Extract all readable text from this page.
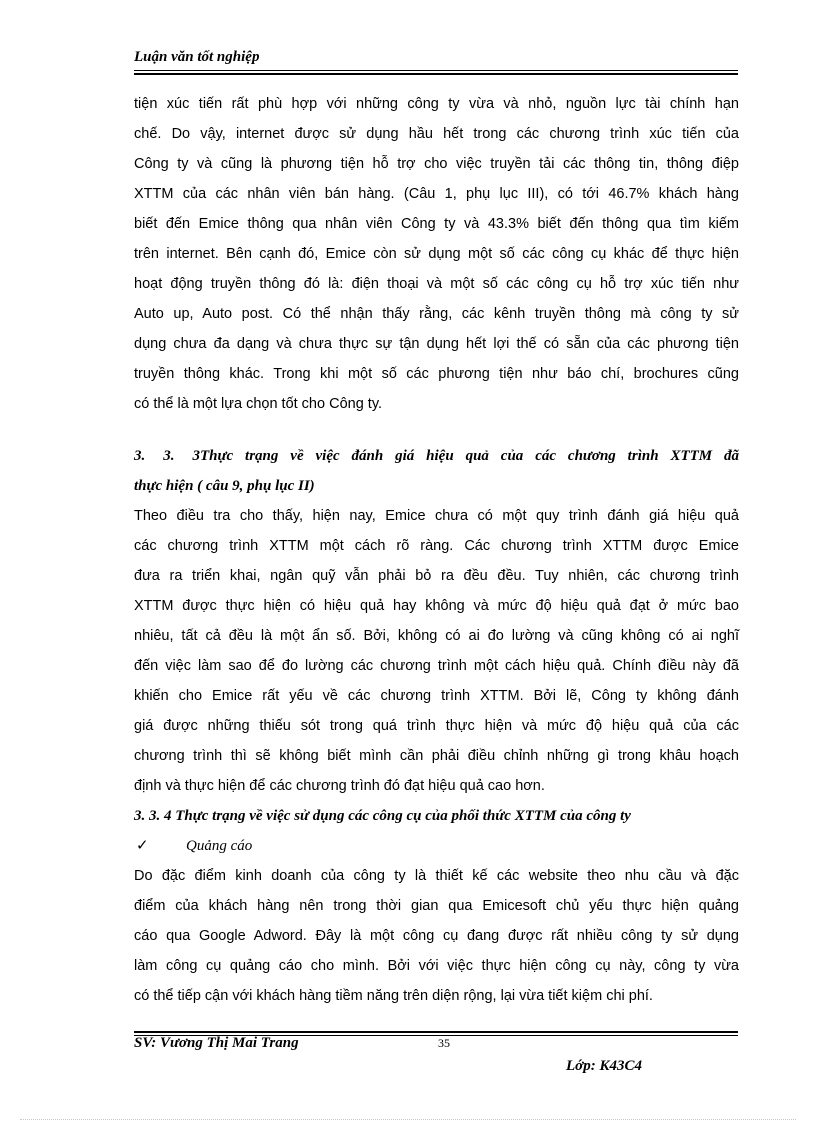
Luận văn tốt nghiệp
tiện xúc tiến rất phù hợp với những công ty vừa và nhỏ, nguồn lực tài chính hạn
chế. Do vậy, internet được sử dụng hầu hết trong các chương trình xúc tiến của
Công ty và cũng là phương tiện hỗ trợ cho việc truyền tải các thông tin, thông điệp
XTTM của các nhân viên bán hàng. (Câu 1, phụ lục III), có tới 46.7% khách hàng
biết đến Emice thông qua nhân viên Công ty và 43.3% biết đến thông qua tìm kiếm
trên internet. Bên cạnh đó, Emice còn sử dụng một số các công cụ khác để thực hiện
hoạt động truyền thông đó là: điện thoại và một số các công cụ hỗ trợ xúc tiến như
Auto up, Auto post. Có thể nhận thấy rằng, các kênh truyền thông mà công ty sử
dụng chưa đa dạng và chưa thực sự tận dụng hết lợi thế có sẵn của các phương tiện
truyền thông khác. Trong khi một số các phương tiện như báo chí, brochures cũng
có thể là một lựa chọn tốt cho Công ty.
3. 3. 3Thực trạng về việc đánh giá hiệu quả của các chương trình XTTM đã
thực hiện ( câu 9, phụ lục II)
Theo điều tra cho thấy, hiện nay, Emice chưa có một quy trình đánh giá hiệu quả
các chương trình XTTM một cách rõ ràng. Các chương trình XTTM được Emice
đưa ra triển khai, ngân quỹ vẫn phải bỏ ra đều đều. Tuy nhiên, các chương trình
XTTM được thực hiện có hiệu quả hay không và mức độ hiệu quả đạt ở mức bao
nhiêu, tất cả đều là một ẩn số. Bởi, không có ai đo lường và cũng không có ai nghĩ
đến việc làm sao để đo lường các chương trình một cách hiệu quả. Chính điều này đã
khiến cho Emice rất yếu về các chương trình XTTM. Bởi lẽ, Công ty không đánh
giá được những thiếu sót trong quá trình thực hiện và mức độ hiệu quả của các
chương trình thì sẽ không biết mình cần phải điều chỉnh những gì trong khâu hoạch
định và thực hiện để các chương trình đó đạt hiệu quả cao hơn.
3. 3. 4 Thực trạng về việc sử dụng các công cụ của phối thức XTTM của công ty
✓ Quảng cáo
Do đặc điểm kinh doanh của công ty là thiết kế các website theo nhu cầu và đặc
điểm của khách hàng nên trong thời gian qua Emicesoft chủ yếu thực hiện quảng
cáo qua Google Adword. Đây là một công cụ đang được rất nhiều công ty sử dụng
làm công cụ quảng cáo cho mình. Bởi với việc thực hiện công cụ này, công ty vừa
có thể tiếp cận với khách hàng tiềm năng trên diện rộng, lại vừa tiết kiệm chi phí.
SV: Vương Thị Mai Trang	35
Lớp: K43C4
